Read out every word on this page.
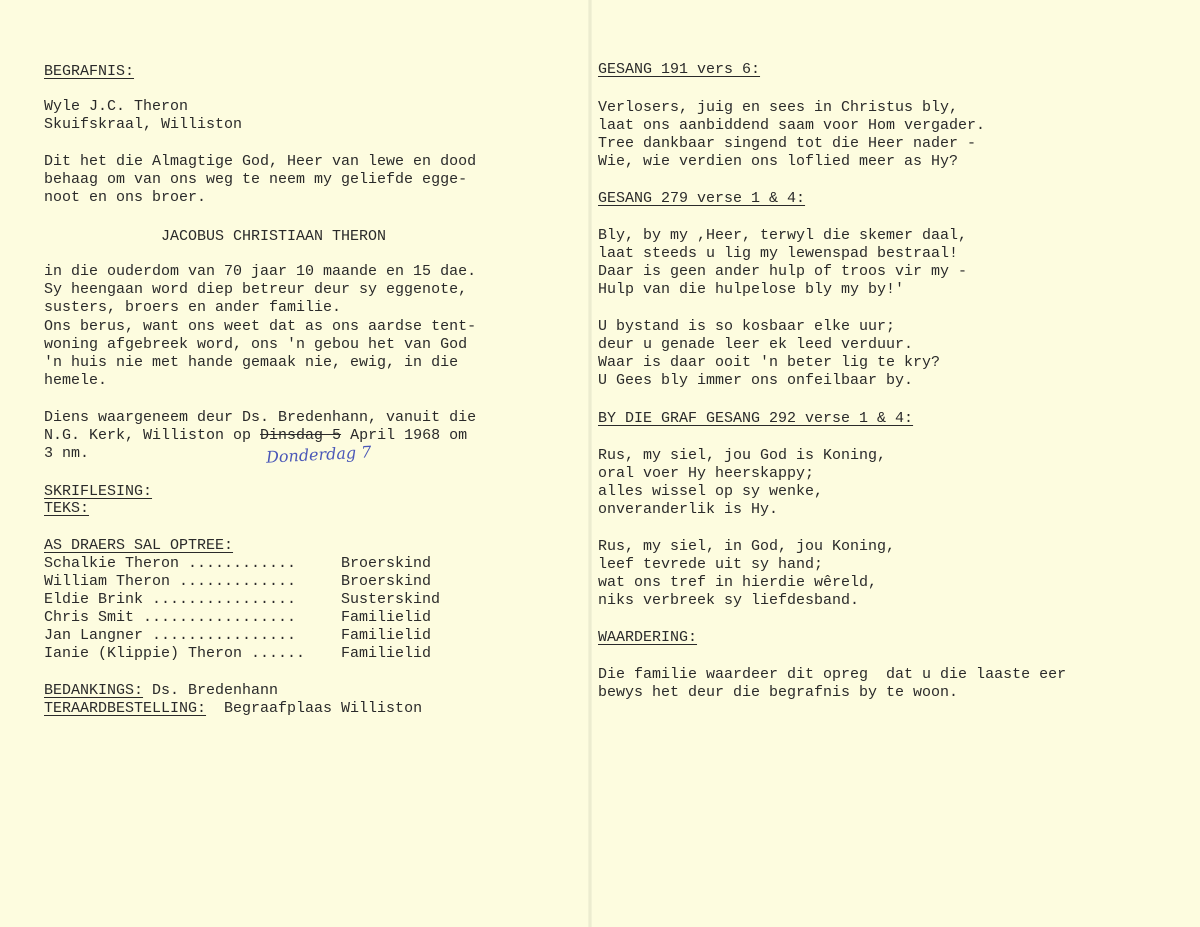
BEGRAFNIS:
Wyle J.C. Theron
Skuifskraal, Williston
Dit het die Almagtige God, Heer van lewe en dood
behaag om van ons weg te neem my geliefde egge-
noot en ons broer.
JACOBUS CHRISTIAAN THERON
in die ouderdom van 70 jaar 10 maande en 15 dae.
Sy heengaan word diep betreur deur sy eggenote,
susters, broers en ander familie.
Ons berus, want ons weet dat as ons aardse tent-
woning afgebreek word, ons 'n gebou het van God
'n huis nie met hande gemaak nie, ewig, in die
hemele.
Diens waargeneem deur Ds. Bredenhann, vanuit die
N.G. Kerk, Williston op Dinsdag 5 April 1968 om
3 nm.	Donderdag 7
SKRIFLESING:
TEKS:
AS DRAERS SAL OPTREE:
Schalkie Theron ............ Broerskind
William Theron ............. Broerskind
Eldie Brink ................ Susterskind
Chris Smit ................. Familielid
Jan Langner ................ Familielid
Ianie (Klippie) Theron ...... Familielid
BEDANKINGS: Ds. Bredenhann
TERAARDBESTELLING:  Begraafplaas Williston
GESANG 191 vers 6:
Verlosers, juig en sees in Christus bly,
laat ons aanbiddend saam voor Hom vergader.
Tree dankbaar singend tot die Heer nader -
Wie, wie verdien ons loflied meer as Hy?
GESANG 279 verse 1 & 4:
Bly, by my ,Heer, terwyl die skemer daal,
laat steeds u lig my lewenspad bestraal!
Daar is geen ander hulp of troos vir my -
Hulp van die hulpelose bly my by!'
U bystand is so kosbaar elke uur;
deur u genade leer ek leed verduur.
Waar is daar ooit 'n beter lig te kry?
U Gees bly immer ons onfeilbaar by.
BY DIE GRAF GESANG 292 verse 1 & 4:
Rus, my siel, jou God is Koning,
oral voer Hy heerskappy;
alles wissel op sy wenke,
onveranderlik is Hy.
Rus, my siel, in God, jou Koning,
leef tevrede uit sy hand;
wat ons tref in hierdie wêreld,
niks verbreek sy liefdesband.
WAARDERING:
Die familie waardeer dit opreg  dat u die laaste eer
bewys het deur die begrafnis by te woon.
